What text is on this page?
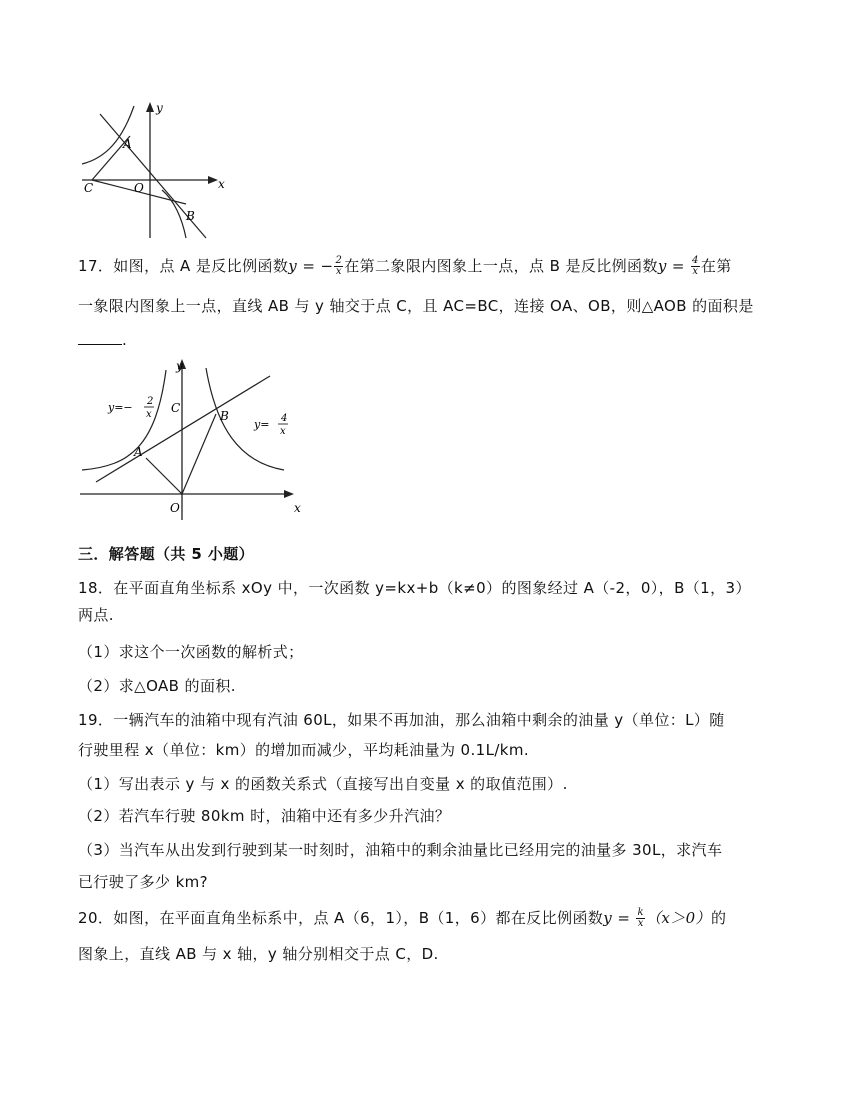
y
x
A
B
C	O
17．如图，点 A 是反比例函数y = − $\frac{2}{x}$ 在第二象限内图象上一点，点 B 是反比例函数$y = \frac{4}{x}$ 在第
一象限内图象上一点，直线 AB 与 y 轴交于点 C，且 AC=BC，连接 OA、OB，则△AOB 的面积是
.
y
x
A
B
C
O
y=− 2
x
y= 4
x
三．解答题（共 5 小题）
18．在平面直角坐标系 xOy 中，一次函数 y=kx+b（k≠0）的图象经过 A（-2，0），B（1，3）
两点.
（1）求这个一次函数的解析式；
（2）求△OAB 的面积.
19．一辆汽车的油箱中现有汽油 60L，如果不再加油，那么油箱中剩余的油量 y（单位：L）随
行驶里程 x（单位：km）的增加而减少，平均耗油量为 0.1L/km.
（1）写出表示 y 与 x 的函数关系式（直接写出自变量 x 的取值范围）.
（2）若汽车行驶 80km 时，油箱中还有多少升汽油？
（3）当汽车从出发到行驶到某一时刻时，油箱中的剩余油量比已经用完的油量多 30L，求汽车
已行驶了多少 km?
20．如图，在平面直角坐标系中，点 A（6，1），B（1，6）都在反比例函数$y = \frac{k}{x} (x>0)$的
图象上，直线 AB 与 x 轴，y 轴分别相交于点 C，D.
